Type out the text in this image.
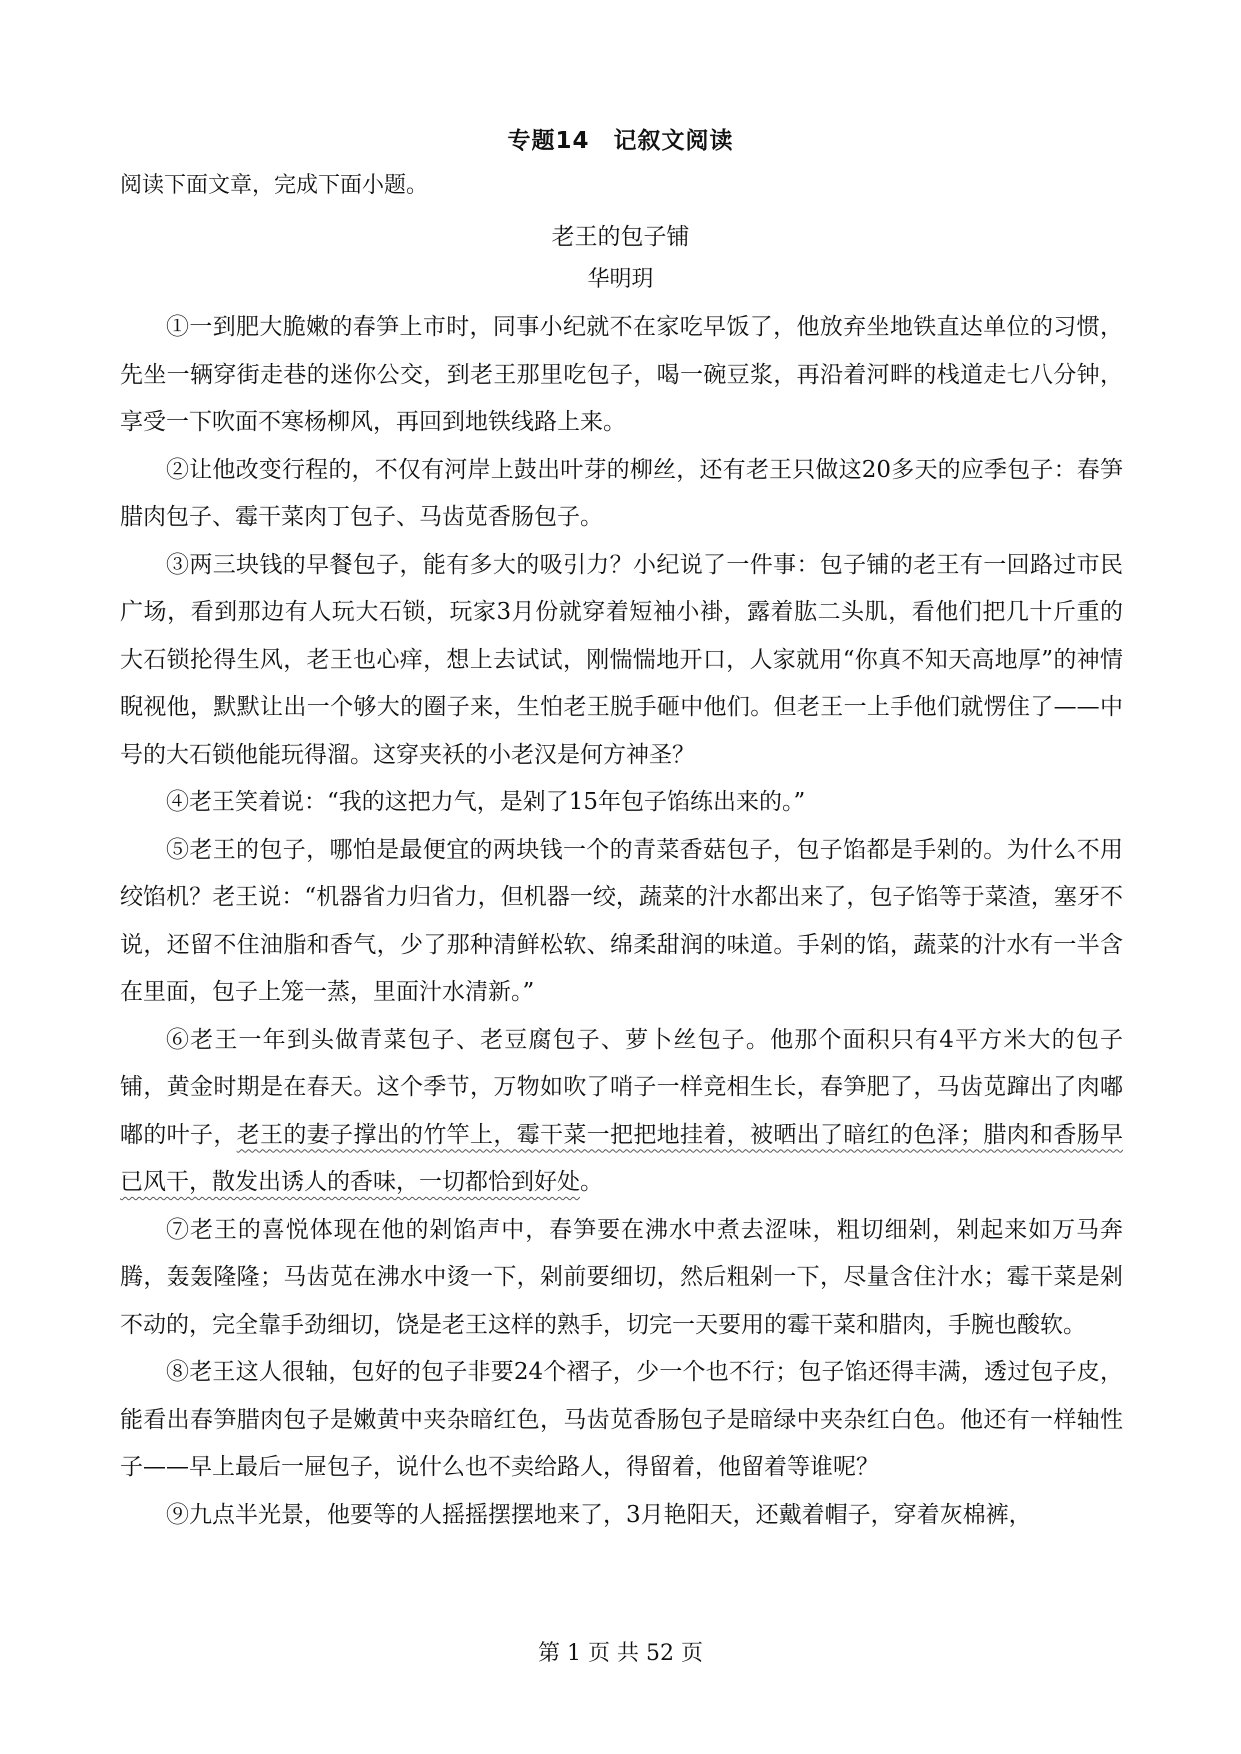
专题14　记叙文阅读
阅读下面文章，完成下面小题。
老王的包子铺
华明玥

①一到肥大脆嫩的春笋上市时，同事小纪就不在家吃早饭了，他放弃坐地铁直达单位的习惯，先坐一辆穿街走巷的迷你公交，到老王那里吃包子，喝一碗豆浆，再沿着河畔的栈道走七八分钟，享受一下吹面不寒杨柳风，再回到地铁线路上来。

②让他改变行程的，不仅有河岸上鼓出叶芽的柳丝，还有老王只做这20多天的应季包子：春笋腊肉包子、霉干菜肉丁包子、马齿苋香肠包子。

③两三块钱的早餐包子，能有多大的吸引力？小纪说了一件事：包子铺的老王有一回路过市民广场，看到那边有人玩大石锁，玩家3月份就穿着短袖小褂，露着肱二头肌，看他们把几十斤重的大石锁抡得生风，老王也心痒，想上去试试，刚惴惴地开口，人家就用“你真不知天高地厚”的神情睨视他，默默让出一个够大的圈子来，生怕老王脱手砸中他们。但老王一上手他们就愣住了——中号的大石锁他能玩得溜。这穿夹袄的小老汉是何方神圣？

④老王笑着说：“我的这把力气，是剁了15年包子馅练出来的。”

⑤老王的包子，哪怕是最便宜的两块钱一个的青菜香菇包子，包子馅都是手剁的。为什么不用绞馅机？老王说：“机器省力归省力，但机器一绞，蔬菜的汁水都出来了，包子馅等于菜渣，塞牙不说，还留不住油脂和香气，少了那种清鲜松软、绵柔甜润的味道。手剁的馅，蔬菜的汁水有一半含在里面，包子上笼一蒸，里面汁水清新。”

⑥老王一年到头做青菜包子、老豆腐包子、萝卜丝包子。他那个面积只有4平方米大的包子铺，黄金时期是在春天。这个季节，万物如吹了哨子一样竞相生长，春笋肥了，马齿苋蹿出了肉嘟嘟的叶子，老王的妻子撑出的竹竿上，霉干菜一把把地挂着，被晒出了暗红的色泽；腊肉和香肠早已风干，散发出诱人的香味，一切都恰到好处。

⑦老王的喜悦体现在他的剁馅声中，春笋要在沸水中煮去涩味，粗切细剁，剁起来如万马奔腾，轰轰隆隆；马齿苋在沸水中烫一下，剁前要细切，然后粗剁一下，尽量含住汁水；霉干菜是剁不动的，完全靠手劲细切，饶是老王这样的熟手，切完一天要用的霉干菜和腊肉，手腕也酸软。

⑧老王这人很轴，包好的包子非要24个褶子，少一个也不行；包子馅还得丰满，透过包子皮，能看出春笋腊肉包子是嫩黄中夹杂暗红色，马齿苋香肠包子是暗绿中夹杂红白色。他还有一样轴性子——早上最后一屉包子，说什么也不卖给路人，得留着，他留着等谁呢？

⑨九点半光景，他要等的人摇摇摆摆地来了，3月艳阳天，还戴着帽子，穿着灰棉裤，

第 1 页 共 52 页
